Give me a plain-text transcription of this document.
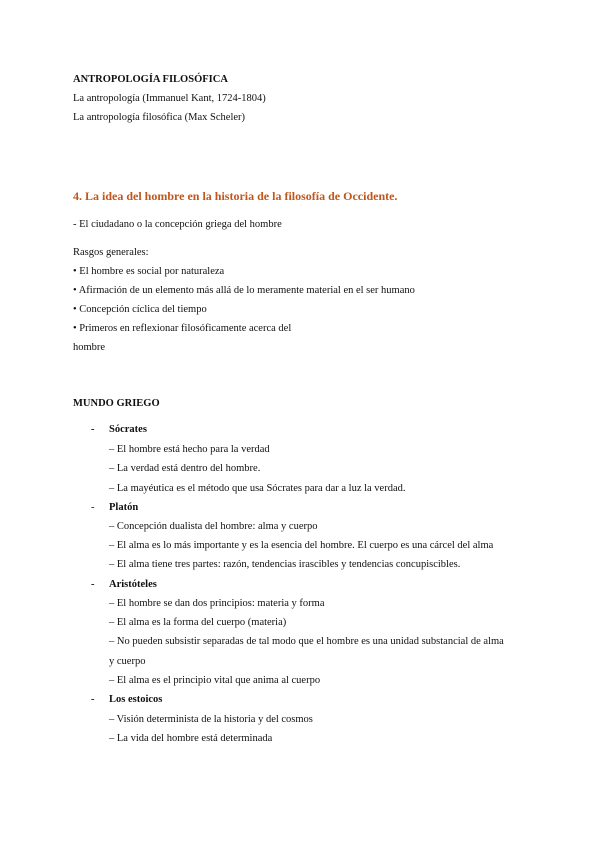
ANTROPOLOGÍA FILOSÓFICA
La antropología (Immanuel Kant, 1724-1804)
La antropología filosófica (Max Scheler)
4. La idea del hombre en la historia de la filosofía de Occidente.
- El ciudadano o la concepción griega del hombre
Rasgos generales:
• El hombre es social por naturaleza
• Afirmación de un elemento más allá de lo meramente material en el ser humano
• Concepción cíclica del tiempo
• Primeros en reflexionar filosóficamente acerca del
hombre
MUNDO GRIEGO
- Sócrates
– El hombre está hecho para la verdad
– La verdad está dentro del hombre.
– La mayéutica es el método que usa Sócrates para dar a luz la verdad.
- Platón
– Concepción dualista del hombre: alma y cuerpo
– El alma es lo más importante y es la esencia del hombre. El cuerpo es una cárcel del alma
– El alma tiene tres partes: razón, tendencias irascibles y tendencias concupiscibles.
- Aristóteles
– El hombre se dan dos principios: materia y forma
– El alma es la forma del cuerpo (materia)
– No pueden subsistir separadas de tal modo que el hombre es una unidad substancial de alma
y cuerpo
– El alma es el principio vital que anima al cuerpo
- Los estoicos
– Visión determinista de la historia y del cosmos
– La vida del hombre está determinada
